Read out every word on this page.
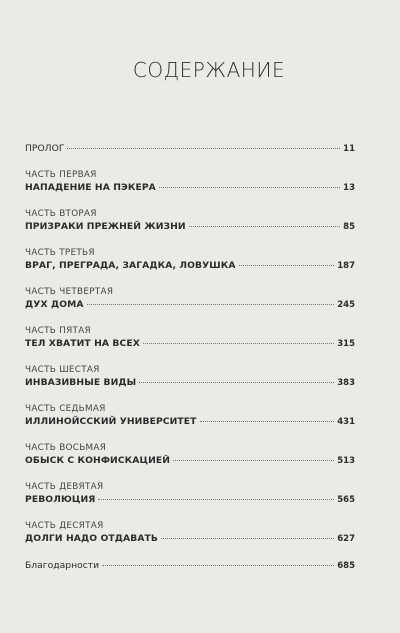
СОДЕРЖАНИЕ
ПРОЛОГ	11
ЧАСТЬ ПЕРВАЯ
НАПАДЕНИЕ НА ПЭКЕРА	13
ЧАСТЬ ВТОРАЯ
ПРИЗРАКИ ПРЕЖНЕЙ ЖИЗНИ	85
ЧАСТЬ ТРЕТЬЯ
ВРАГ, ПРЕГРАДА, ЗАГАДКА, ЛОВУШКА	187
ЧАСТЬ ЧЕТВЕРТАЯ
ДУХ ДОМА	245
ЧАСТЬ ПЯТАЯ
ТЕЛ ХВАТИТ НА ВСЕХ	315
ЧАСТЬ ШЕСТАЯ
ИНВАЗИВНЫЕ ВИДЫ	383
ЧАСТЬ СЕДЬМАЯ
ИЛЛИНОЙССКИЙ УНИВЕРСИТЕТ	431
ЧАСТЬ ВОСЬМАЯ
ОБЫСК С КОНФИСКАЦИЕЙ	513
ЧАСТЬ ДЕВЯТАЯ
РЕВОЛЮЦИЯ	565
ЧАСТЬ ДЕСЯТАЯ
ДОЛГИ НАДО ОТДАВАТЬ	627
Благодарности	685
